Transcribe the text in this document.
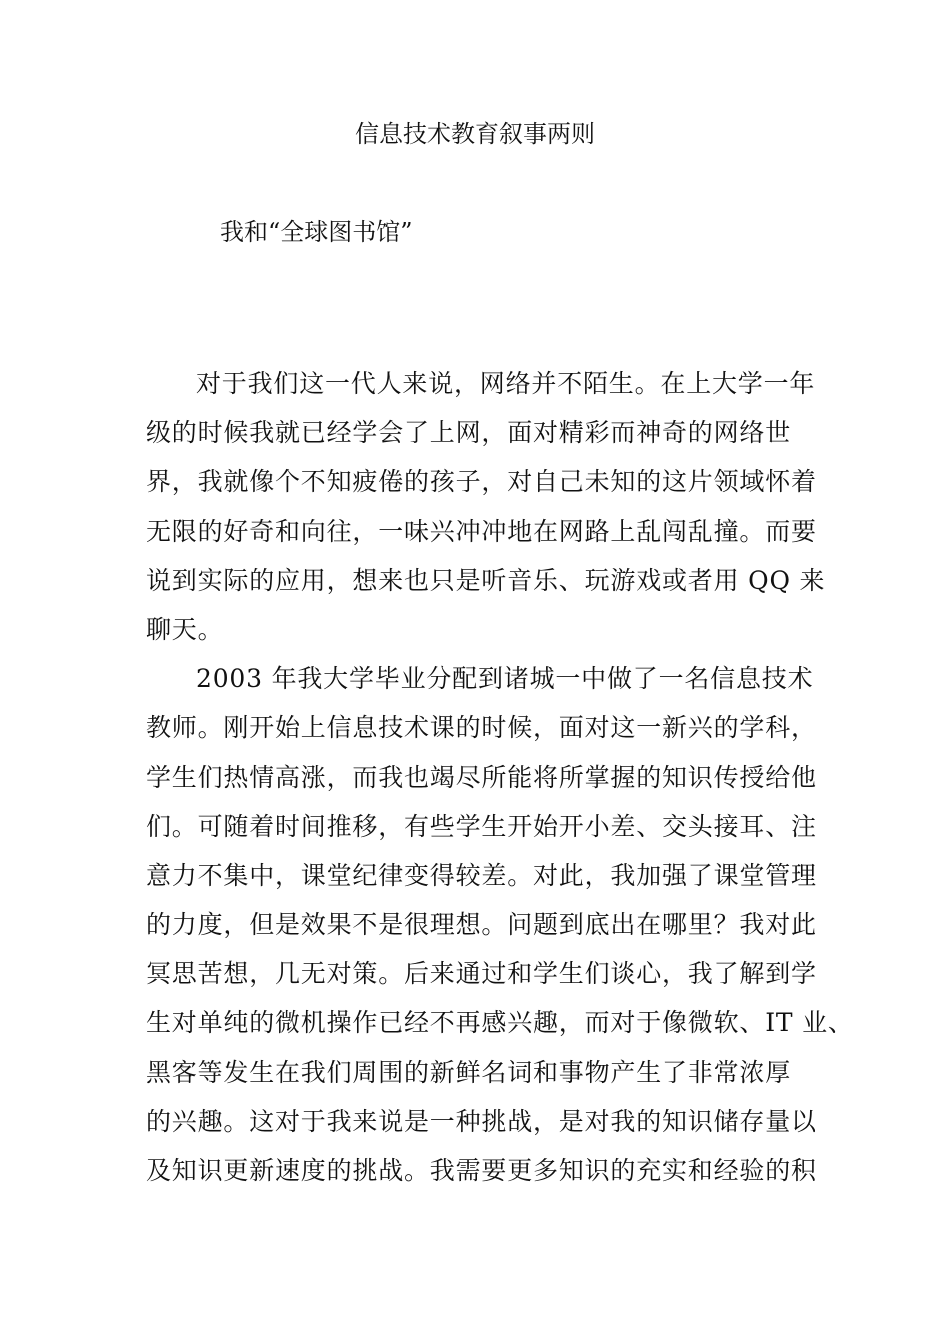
信息技术教育叙事两则
我和“全球图书馆”
对于我们这一代人来说，网络并不陌生。在上大学一年
级的时候我就已经学会了上网，面对精彩而神奇的网络世
界，我就像个不知疲倦的孩子，对自己未知的这片领域怀着
无限的好奇和向往，一味兴冲冲地在网路上乱闯乱撞。而要
说到实际的应用，想来也只是听音乐、玩游戏或者用 QQ 来
聊天。
2003 年我大学毕业分配到诸城一中做了一名信息技术
教师。刚开始上信息技术课的时候，面对这一新兴的学科，
学生们热情高涨，而我也竭尽所能将所掌握的知识传授给他
们。可随着时间推移，有些学生开始开小差、交头接耳、注
意力不集中，课堂纪律变得较差。对此，我加强了课堂管理
的力度，但是效果不是很理想。问题到底出在哪里？我对此
冥思苦想，几无对策。后来通过和学生们谈心，我了解到学
生对单纯的微机操作已经不再感兴趣，而对于像微软、IT 业、
黑客等发生在我们周围的新鲜名词和事物产生了非常浓厚
的兴趣。这对于我来说是一种挑战，是对我的知识储存量以
及知识更新速度的挑战。我需要更多知识的充实和经验的积
